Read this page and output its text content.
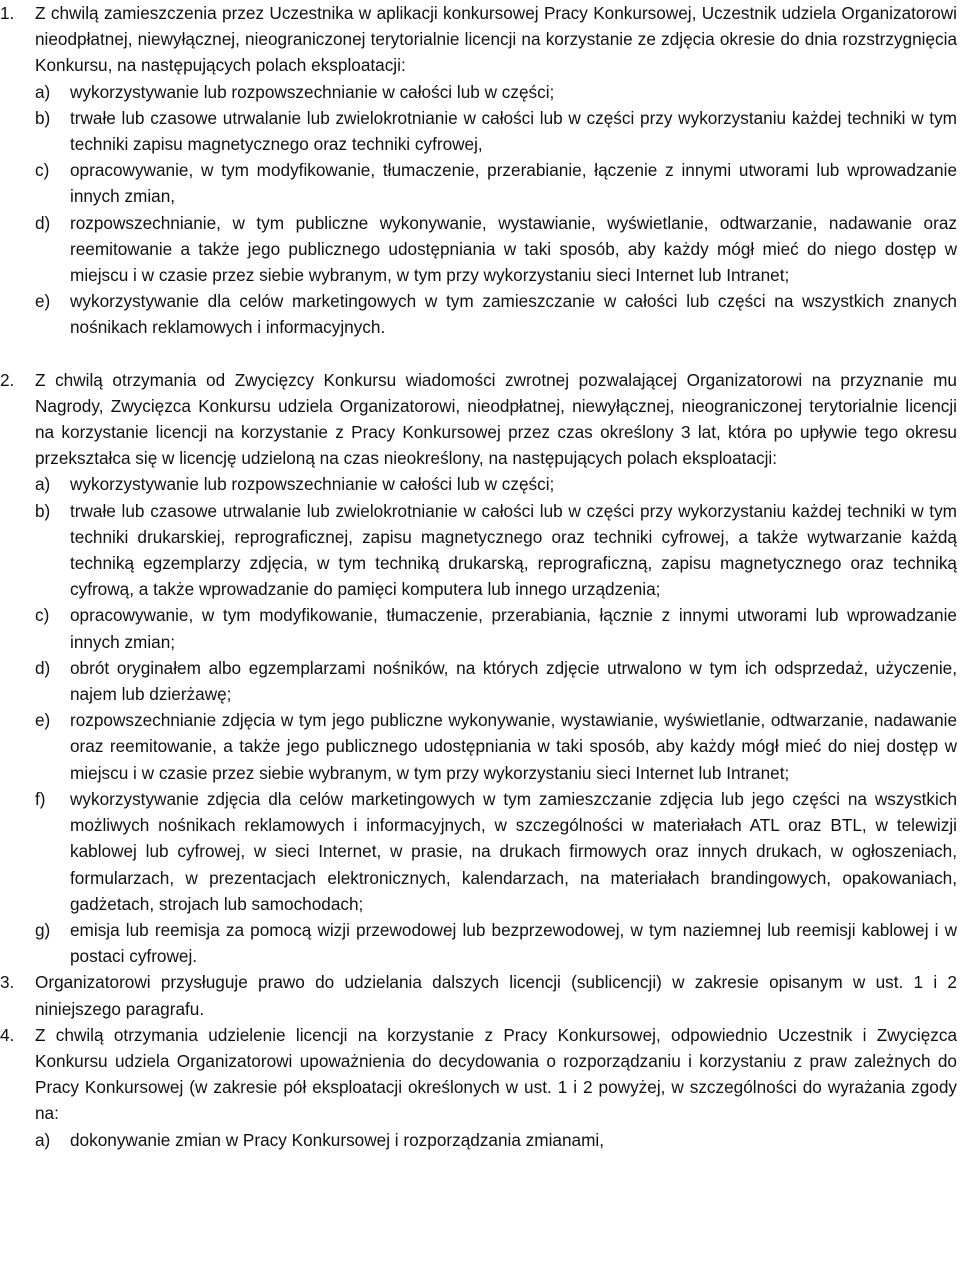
1. Z chwilą zamieszczenia przez Uczestnika w aplikacji konkursowej Pracy Konkursowej, Uczestnik udziela Organizatorowi nieodpłatnej, niewyłącznej, nieograniczonej terytorialnie licencji na korzystanie ze zdjęcia okresie do dnia rozstrzygnięcia Konkursu, na następujących polach eksploatacji:
a) wykorzystywanie lub rozpowszechnianie w całości lub w części;
b) trwałe lub czasowe utrwalanie lub zwielokrotnianie w całości lub w części przy wykorzystaniu każdej techniki w tym techniki zapisu magnetycznego oraz techniki cyfrowej,
c) opracowywanie, w tym modyfikowanie, tłumaczenie, przerabianie, łączenie z innymi utworami lub wprowadzanie innych zmian,
d) rozpowszechnianie, w tym publiczne wykonywanie, wystawianie, wyświetlanie, odtwarzanie, nadawanie oraz reemitowanie a także jego publicznego udostępniania w taki sposób, aby każdy mógł mieć do niego dostęp w miejscu i w czasie przez siebie wybranym, w tym przy wykorzystaniu sieci Internet lub Intranet;
e) wykorzystywanie dla celów marketingowych w tym zamieszczanie w całości lub części na wszystkich znanych nośnikach reklamowych i informacyjnych.
2. Z chwilą otrzymania od Zwycięzcy Konkursu wiadomości zwrotnej pozwalającej Organizatorowi na przyznanie mu Nagrody, Zwycięzca Konkursu udziela Organizatorowi, nieodpłatnej, niewyłącznej, nieograniczonej terytorialnie licencji na korzystanie licencji na korzystanie z Pracy Konkursowej przez czas określony 3 lat, która po upływie tego okresu przekształca się w licencję udzieloną na czas nieokreślony, na następujących polach eksploatacji:
a) wykorzystywanie lub rozpowszechnianie w całości lub w części;
b) trwałe lub czasowe utrwalanie lub zwielokrotnianie w całości lub w części przy wykorzystaniu każdej techniki w tym techniki drukarskiej, reprograficznej, zapisu magnetycznego oraz techniki cyfrowej, a także wytwarzanie każdą techniką egzemplarzy zdjęcia, w tym techniką drukarską, reprograficzną, zapisu magnetycznego oraz techniką cyfrową, a także wprowadzanie do pamięci komputera lub innego urządzenia;
c) opracowywanie, w tym modyfikowanie, tłumaczenie, przerabiania, łącznie z innymi utworami lub wprowadzanie innych zmian;
d) obrót oryginałem albo egzemplarzami nośników, na których zdjęcie utrwalono w tym ich odsprzedaż, użyczenie, najem lub dzierżawę;
e) rozpowszechnianie zdjęcia w tym jego publiczne wykonywanie, wystawianie, wyświetlanie, odtwarzanie, nadawanie oraz reemitowanie, a także jego publicznego udostępniania w taki sposób, aby każdy mógł mieć do niej dostęp w miejscu i w czasie przez siebie wybranym, w tym przy wykorzystaniu sieci Internet lub Intranet;
f) wykorzystywanie zdjęcia dla celów marketingowych w tym zamieszczanie zdjęcia lub jego części na wszystkich możliwych nośnikach reklamowych i informacyjnych, w szczególności w materiałach ATL oraz BTL, w telewizji kablowej lub cyfrowej, w sieci Internet, w prasie, na drukach firmowych oraz innych drukach, w ogłoszeniach, formularzach, w prezentacjach elektronicznych, kalendarzach, na materiałach brandingowych, opakowaniach, gadżetach, strojach lub samochodach;
g) emisja lub reemisja za pomocą wizji przewodowej lub bezprzewodowej, w tym naziemnej lub reemisji kablowej i w postaci cyfrowej.
3. Organizatorowi przysługuje prawo do udzielania dalszych licencji (sublicencji) w zakresie opisanym w ust. 1 i 2 niniejszego paragrafu.
4. Z chwilą otrzymania udzielenie licencji na korzystanie z Pracy Konkursowej, odpowiednio Uczestnik i Zwycięzca Konkursu udziela Organizatorowi upoważnienia do decydowania o rozporządzaniu i korzystaniu z praw zależnych do Pracy Konkursowej (w zakresie pół eksploatacji określonych w ust. 1 i 2 powyżej, w szczególności do wyrażania zgody na:
a) dokonywanie zmian w Pracy Konkursowej i rozporządzania zmianami,
